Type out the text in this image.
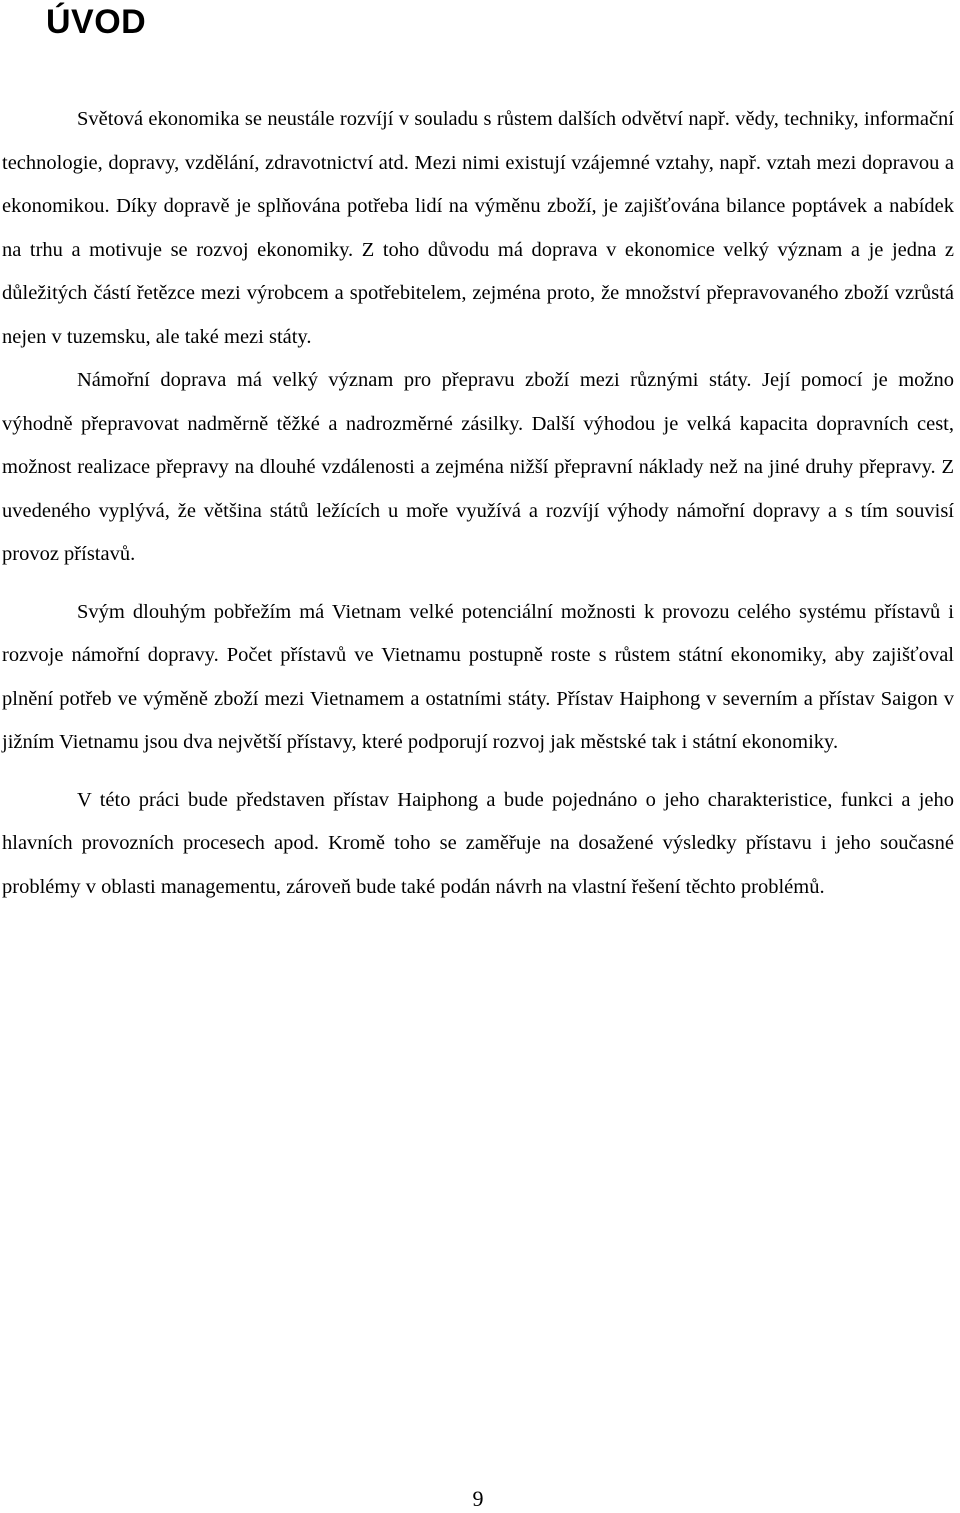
ÚVOD

Světová ekonomika se neustále rozvíjí v souladu s růstem dalších odvětví např. vědy, techniky, informační technologie, dopravy, vzdělání, zdravotnictví atd. Mezi nimi existují vzájemné vztahy, např. vztah mezi dopravou a ekonomikou. Díky dopravě je splňována potřeba lidí na výměnu zboží, je zajišťována bilance poptávek a nabídek na trhu a motivuje se rozvoj ekonomiky. Z toho důvodu má doprava v ekonomice velký význam a je jedna z důležitých částí řetězce mezi výrobcem a spotřebitelem, zejména proto, že množství přepravovaného zboží vzrůstá nejen v tuzemsku, ale také mezi státy.

Námořní doprava má velký význam pro přepravu zboží mezi různými státy. Její pomocí je možno výhodně přepravovat nadměrně těžké a nadrozměrné zásilky. Další výhodou je velká kapacita dopravních cest, možnost realizace přepravy na dlouhé vzdálenosti a zejména nižší přepravní náklady než na jiné druhy přepravy. Z uvedeného vyplývá, že většina států ležících u moře využívá a rozvíjí výhody námořní dopravy a s tím souvisí provoz přístavů.

Svým dlouhým pobřežím má Vietnam velké potenciální možnosti k provozu celého systému přístavů i rozvoje námořní dopravy. Počet přístavů ve Vietnamu postupně roste s růstem státní ekonomiky, aby zajišťoval plnění potřeb ve výměně zboží mezi Vietnamem a ostatními státy. Přístav Haiphong v severním a přístav Saigon v jižním Vietnamu jsou dva největší přístavy, které podporují rozvoj jak městské tak i státní ekonomiky.

V této práci bude představen přístav Haiphong a bude pojednáno o jeho charakteristice, funkci a jeho hlavních provozních procesech apod. Kromě toho se zaměřuje na dosažené výsledky přístavu i jeho současné problémy v oblasti managementu, zároveň bude také podán návrh na vlastní řešení těchto problémů.

9
